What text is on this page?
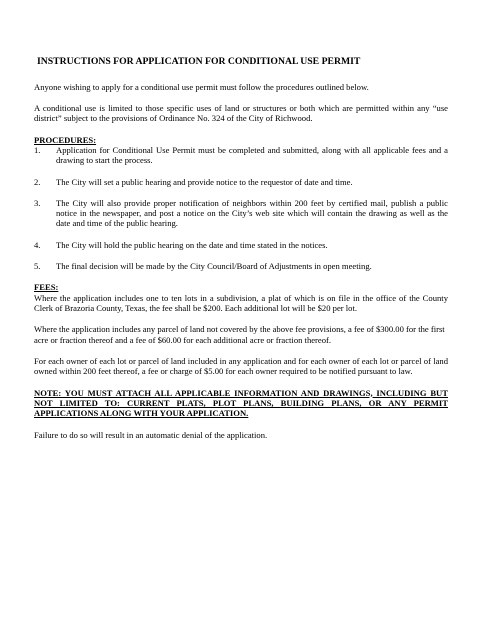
INSTRUCTIONS FOR APPLICATION FOR CONDITIONAL USE PERMIT

Anyone wishing to apply for a conditional use permit must follow the procedures outlined below.

A conditional use is limited to those specific uses of land or structures or both which are permitted within any “use district” subject to the provisions of Ordinance No. 324 of the City of Richwood.

PROCEDURES:
1.	Application for Conditional Use Permit must be completed and submitted, along with all applicable fees and a drawing to start the process.
2.	The City will set a public hearing and provide notice to the requestor of date and time.
3.	The City will also provide proper notification of neighbors within 200 feet by certified mail, publish a public notice in the newspaper, and post a notice on the City’s web site which will contain the drawing as well as the date and time of the public hearing.
4.	The City will hold the public hearing on the date and time stated in the notices.
5.	The final decision will be made by the City Council/Board of Adjustments in open meeting.
FEES:
Where the application includes one to ten lots in a subdivision, a plat of which is on file in the office of the County Clerk of Brazoria County, Texas, the fee shall be $200. Each additional lot will be $20 per lot.

Where the application includes any parcel of land not covered by the above fee provisions, a fee of $300.00 for the first acre or fraction thereof and a fee of $60.00 for each additional acre or fraction thereof.

For each owner of each lot or parcel of land included in any application and for each owner of each lot or parcel of land owned within 200 feet thereof, a fee or charge of $5.00 for each owner required to be notified pursuant to law.

NOTE: YOU MUST ATTACH ALL APPLICABLE INFORMATION AND DRAWINGS, INCLUDING BUT NOT LIMITED TO: CURRENT PLATS, PLOT PLANS, BUILDING PLANS, OR ANY PERMIT APPLICATIONS ALONG WITH YOUR APPLICATION.

Failure to do so will result in an automatic denial of the application.
